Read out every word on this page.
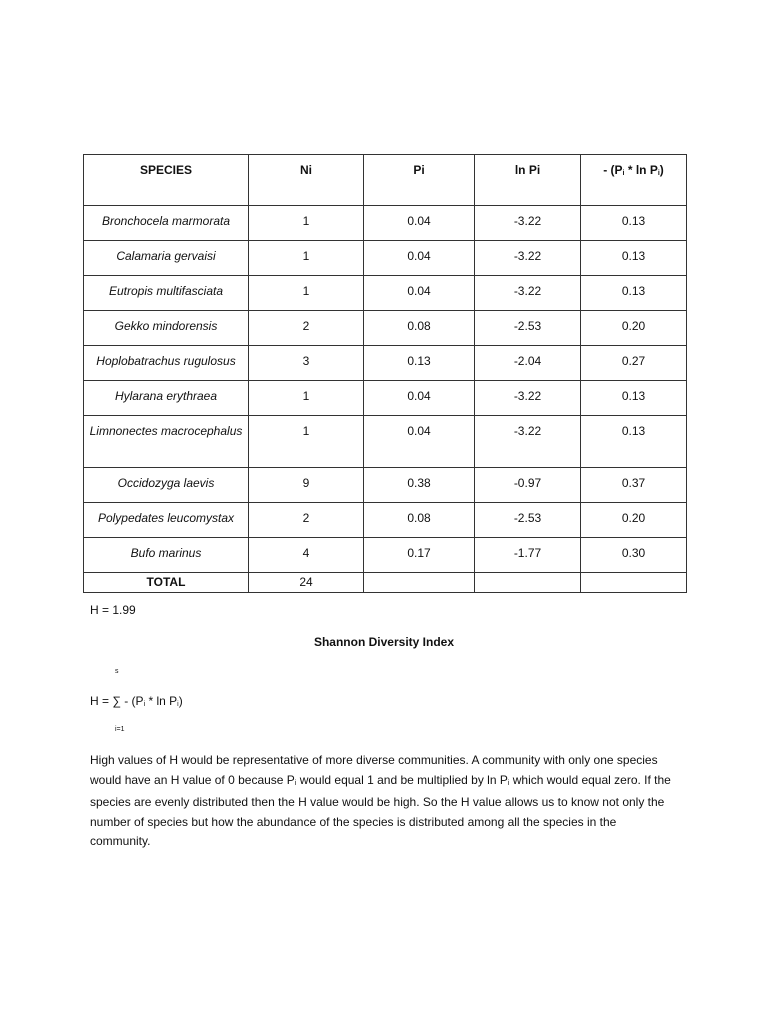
SPECIES	Ni	Pi	ln Pi	- ($P_i$ * $\ln P_i$)
Bronchocela marmorata	1	0.04	-3.22	0.13
Calamaria gervaisi	1	0.04	-3.22	0.13
Eutropis multifasciata	1	0.04	-3.22	0.13
Gekko mindorensis	2	0.08	-2.53	0.20
Hoplobatrachus rugulosus	3	0.13	-2.04	0.27
Hylarana erythraea	1	0.04	-3.22	0.13
Limnonectes macrocephalus	1	0.04	-3.22	0.13
Occidozyga laevis	9	0.38	-0.97	0.37
Polypedates leucomystax	2	0.08	-2.53	0.20
Bufo marinus	4	0.17	-1.77	0.30
TOTAL	24			
H = 1.99
Shannon Diversity Index
s
H = ∑ - ($P_i$ * $\ln P_i$)
i=1
High values of H would be representative of more diverse communities. A community with only one species would have an H value of 0 because $P_i$ would equal 1 and be multiplied by $\ln P_i$ which would equal zero. If the species are evenly distributed then the H value would be high. So the H value allows us to know not only the number of species but how the abundance of the species is distributed among all the species in the community.
